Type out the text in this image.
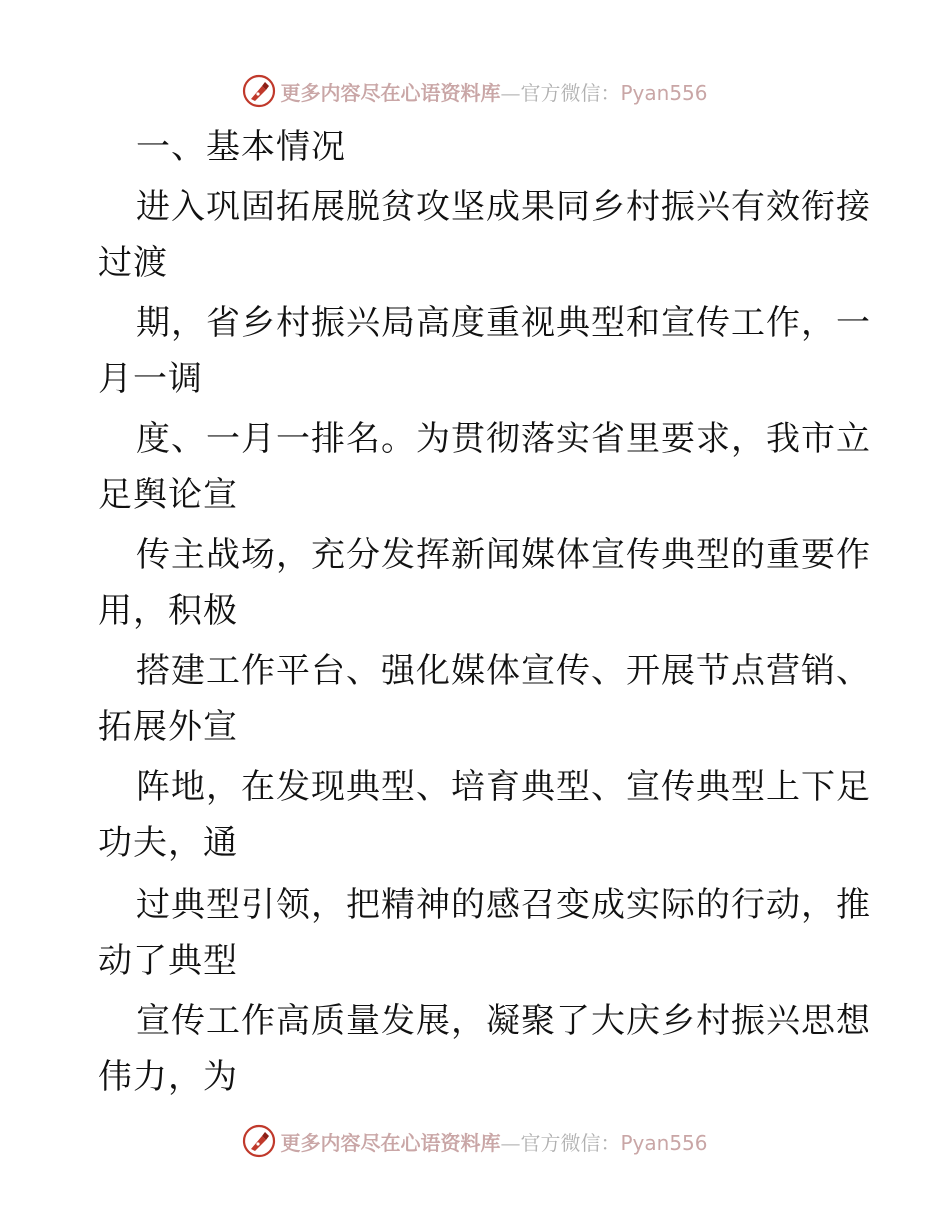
更多内容尽在心语资料库—官方微信：Pyan556
一、基本情况
进入巩固拓展脱贫攻坚成果同乡村振兴有效衔接
过渡
期，省乡村振兴局高度重视典型和宣传工作，一
月一调
度、一月一排名。为贯彻落实省里要求，我市立
足舆论宣
传主战场，充分发挥新闻媒体宣传典型的重要作
用，积极
搭建工作平台、强化媒体宣传、开展节点营销、
拓展外宣
阵地，在发现典型、培育典型、宣传典型上下足
功夫，通
过典型引领，把精神的感召变成实际的行动，推
动了典型
宣传工作高质量发展，凝聚了大庆乡村振兴思想
伟力，为
更多内容尽在心语资料库—官方微信：Pyan556
